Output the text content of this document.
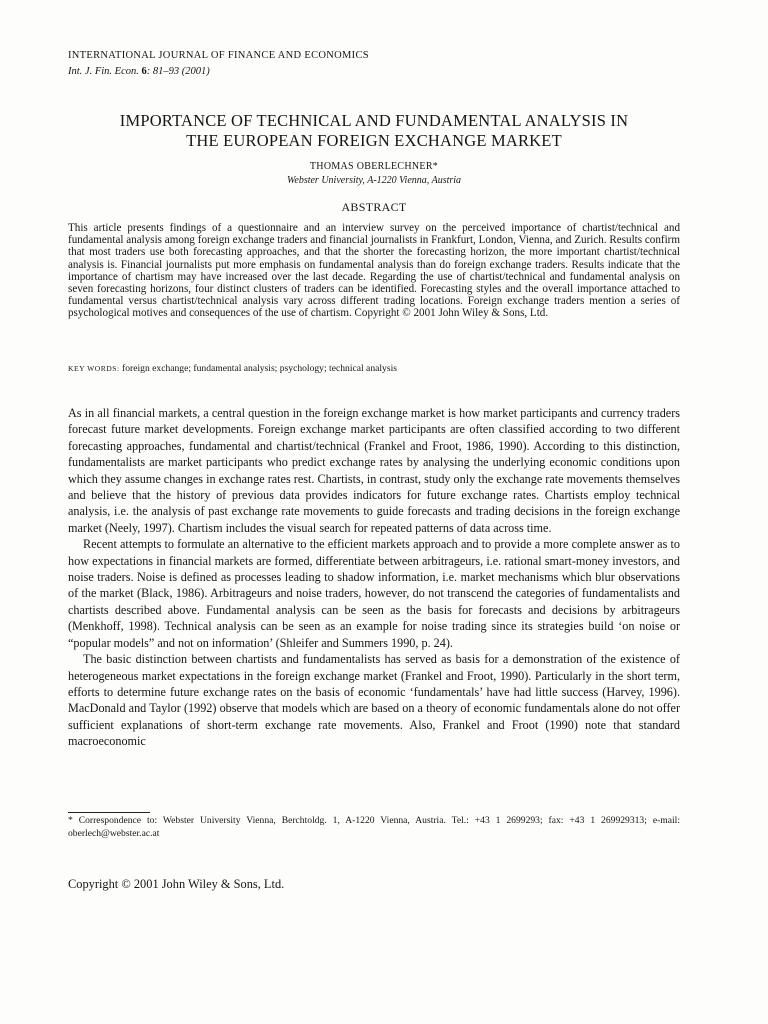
INTERNATIONAL JOURNAL OF FINANCE AND ECONOMICS
Int. J. Fin. Econ. 6: 81–93 (2001)
IMPORTANCE OF TECHNICAL AND FUNDAMENTAL ANALYSIS IN
THE EUROPEAN FOREIGN EXCHANGE MARKET
THOMAS OBERLECHNER*
Webster University, A-1220 Vienna, Austria
ABSTRACT
This article presents findings of a questionnaire and an interview survey on the perceived importance of chartist/technical and fundamental analysis among foreign exchange traders and financial journalists in Frankfurt, London, Vienna, and Zurich. Results confirm that most traders use both forecasting approaches, and that the shorter the forecasting horizon, the more important chartist/technical analysis is. Financial journalists put more emphasis on fundamental analysis than do foreign exchange traders. Results indicate that the importance of chartism may have increased over the last decade. Regarding the use of chartist/technical and fundamental analysis on seven forecasting horizons, four distinct clusters of traders can be identified. Forecasting styles and the overall importance attached to fundamental versus chartist/technical analysis vary across different trading locations. Foreign exchange traders mention a series of psychological motives and consequences of the use of chartism. Copyright © 2001 John Wiley & Sons, Ltd.
KEY WORDS: foreign exchange; fundamental analysis; psychology; technical analysis

As in all financial markets, a central question in the foreign exchange market is how market participants and currency traders forecast future market developments. Foreign exchange market participants are often classified according to two different forecasting approaches, fundamental and chartist/technical (Frankel and Froot, 1986, 1990). According to this distinction, fundamentalists are market participants who predict exchange rates by analysing the underlying economic conditions upon which they assume changes in exchange rates rest. Chartists, in contrast, study only the exchange rate movements themselves and believe that the history of previous data provides indicators for future exchange rates. Chartists employ technical analysis, i.e. the analysis of past exchange rate movements to guide forecasts and trading decisions in the foreign exchange market (Neely, 1997). Chartism includes the visual search for repeated patterns of data across time.

Recent attempts to formulate an alternative to the efficient markets approach and to provide a more complete answer as to how expectations in financial markets are formed, differentiate between arbitrageurs, i.e. rational smart-money investors, and noise traders. Noise is defined as processes leading to shadow information, i.e. market mechanisms which blur observations of the market (Black, 1986). Arbitrageurs and noise traders, however, do not transcend the categories of fundamentalists and chartists described above. Fundamental analysis can be seen as the basis for forecasts and decisions by arbitrageurs (Menkhoff, 1998). Technical analysis can be seen as an example for noise trading since its strategies build ‘on noise or “popular models” and not on information’ (Shleifer and Summers 1990, p. 24).

The basic distinction between chartists and fundamentalists has served as basis for a demonstration of the existence of heterogeneous market expectations in the foreign exchange market (Frankel and Froot, 1990). Particularly in the short term, efforts to determine future exchange rates on the basis of economic ‘fundamentals’ have had little success (Harvey, 1996). MacDonald and Taylor (1992) observe that models which are based on a theory of economic fundamentals alone do not offer sufficient explanations of short-term exchange rate movements. Also, Frankel and Froot (1990) note that standard macroeconomic

* Correspondence to: Webster University Vienna, Berchtoldg. 1, A-1220 Vienna, Austria. Tel.: +43 1 2699293; fax: +43 1 269929313; e-mail: oberlech@webster.ac.at
Copyright © 2001 John Wiley & Sons, Ltd.
